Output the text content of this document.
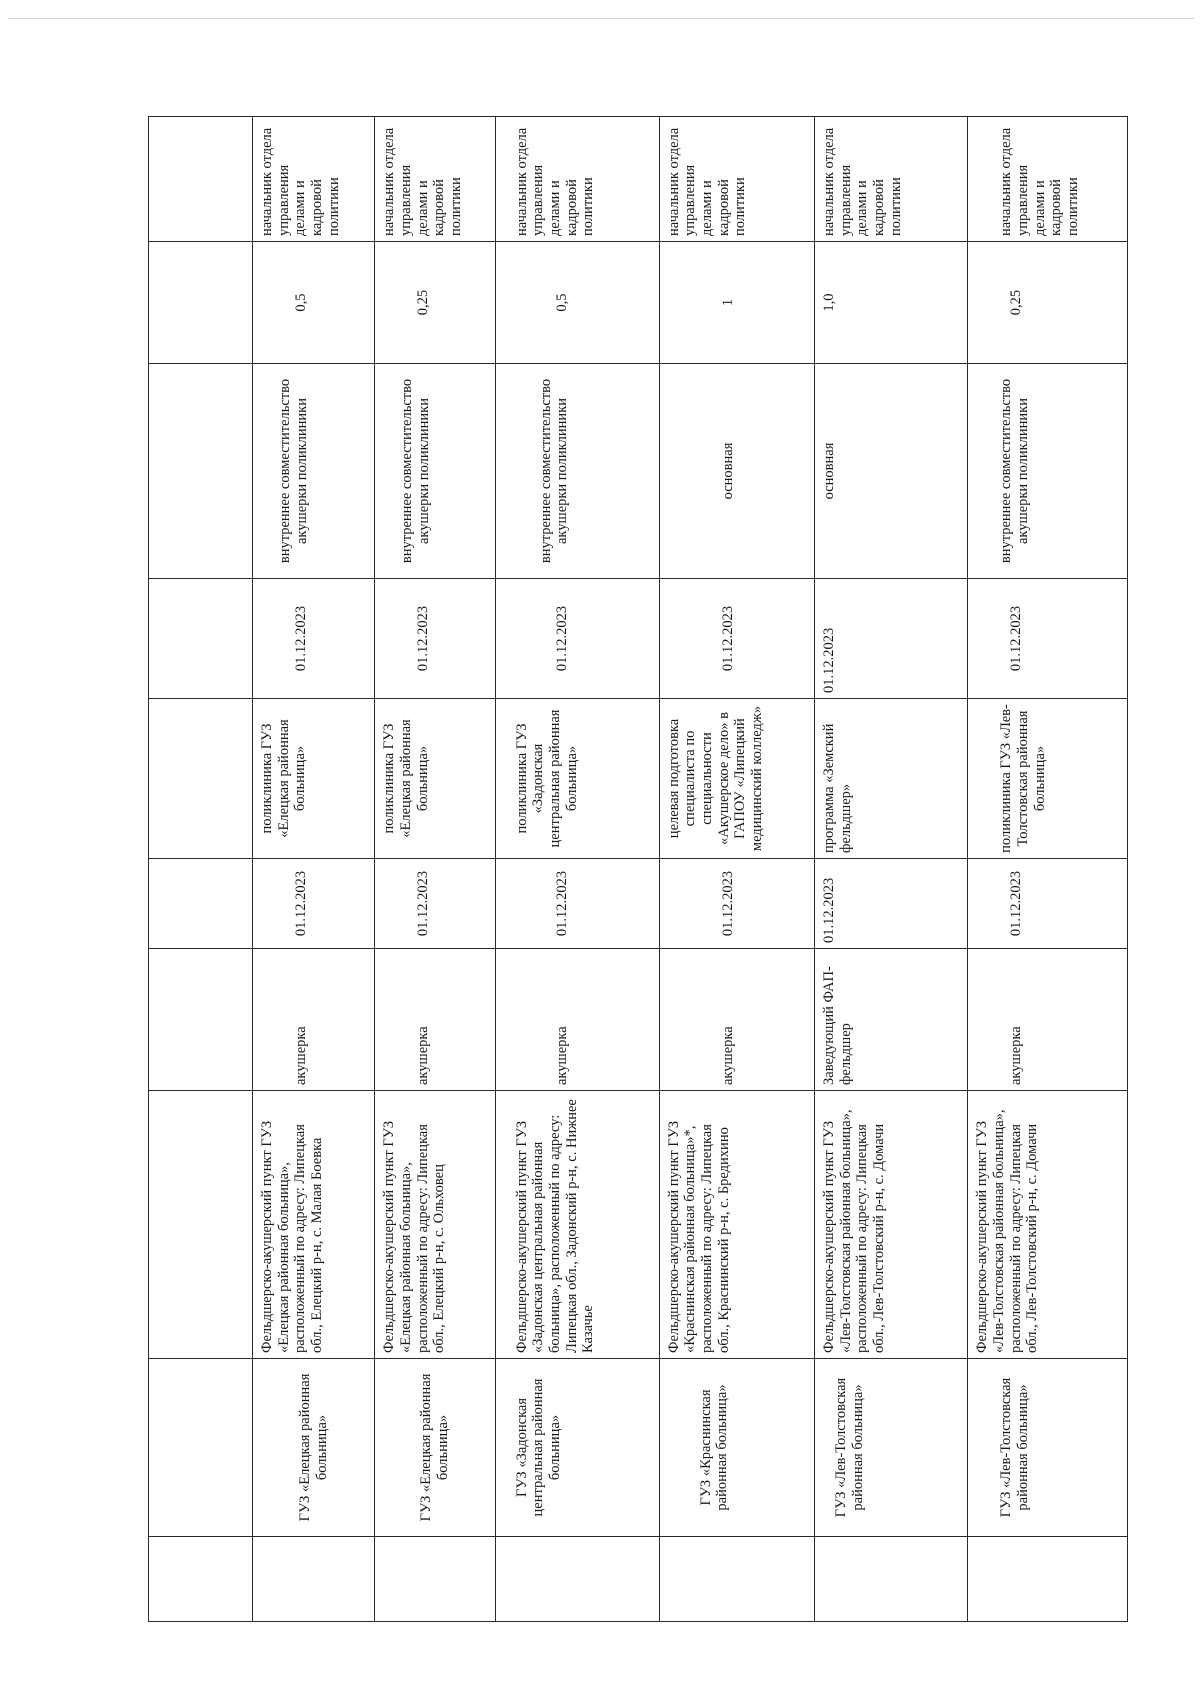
	ГУЗ «Елецкая районная больница»	Фельдшерско-акушерский пункт ГУЗ «Елецкая районная больница», расположенный по адресу: Липецкая обл., Елецкий р-н, с. Малая Боевка	акушерка	01.12.2023	поликлиника ГУЗ «Елецкая районная больница»	01.12.2023	внутреннее совместительство акушерки поликлиники	0,5	начальник отдела управления делами и кадровой политики
	ГУЗ «Елецкая районная больница»	Фельдшерско-акушерский пункт ГУЗ «Елецкая районная больница», расположенный по адресу: Липецкая обл., Елецкий р-н, с. Ольховец	акушерка	01.12.2023	поликлиника ГУЗ «Елецкая районная больница»	01.12.2023	внутреннее совместительство акушерки поликлиники	0,25	начальник отдела управления делами и кадровой политики
	ГУЗ «Задонская центральная районная больница»	Фельдшерско-акушерский пункт ГУЗ «Задонская центральная районная больница», расположенный по адресу: Липецкая обл., Задонский р-н, с. Нижнее Казачье	акушерка	01.12.2023	поликлиника ГУЗ «Задонская центральная районная больница»	01.12.2023	внутреннее совместительство акушерки поликлиники	0,5	начальник отдела управления делами и кадровой политики
	ГУЗ «Краснинская районная больница»	Фельдшерско-акушерский пункт ГУЗ «Краснинская районная больница»*, расположенный по адресу: Липецкая обл., Краснинский р-н, с. Бредихино	акушерка	01.12.2023	целевая подготовка специалиста по специальности «Акушерское дело» в ГАПОУ «Липецкий медицинский колледж»	01.12.2023	основная	1	начальник отдела управления делами и кадровой политики
	ГУЗ «Лев-Толстовская районная больница»	Фельдшерско-акушерский пункт ГУЗ «Лев-Толстовская районная больница», расположенный по адресу: Липецкая обл., Лев-Толстовский р-н, с. Домачи	Заведующий ФАП-фельдшер	01.12.2023	программа «Земский фельдшер»	01.12.2023	основная	1,0	начальник отдела управления делами и кадровой политики
	ГУЗ «Лев-Толстовская районная больница»	Фельдшерско-акушерский пункт ГУЗ «Лев-Толстовская районная больница», расположенный по адресу: Липецкая обл., Лев-Толстовский р-н, с. Домачи	акушерка	01.12.2023	поликлиника ГУЗ «Лев-Толстовская районная больница»	01.12.2023	внутреннее совместительство акушерки поликлиники	0,25	начальник отдела управления делами и кадровой политики
